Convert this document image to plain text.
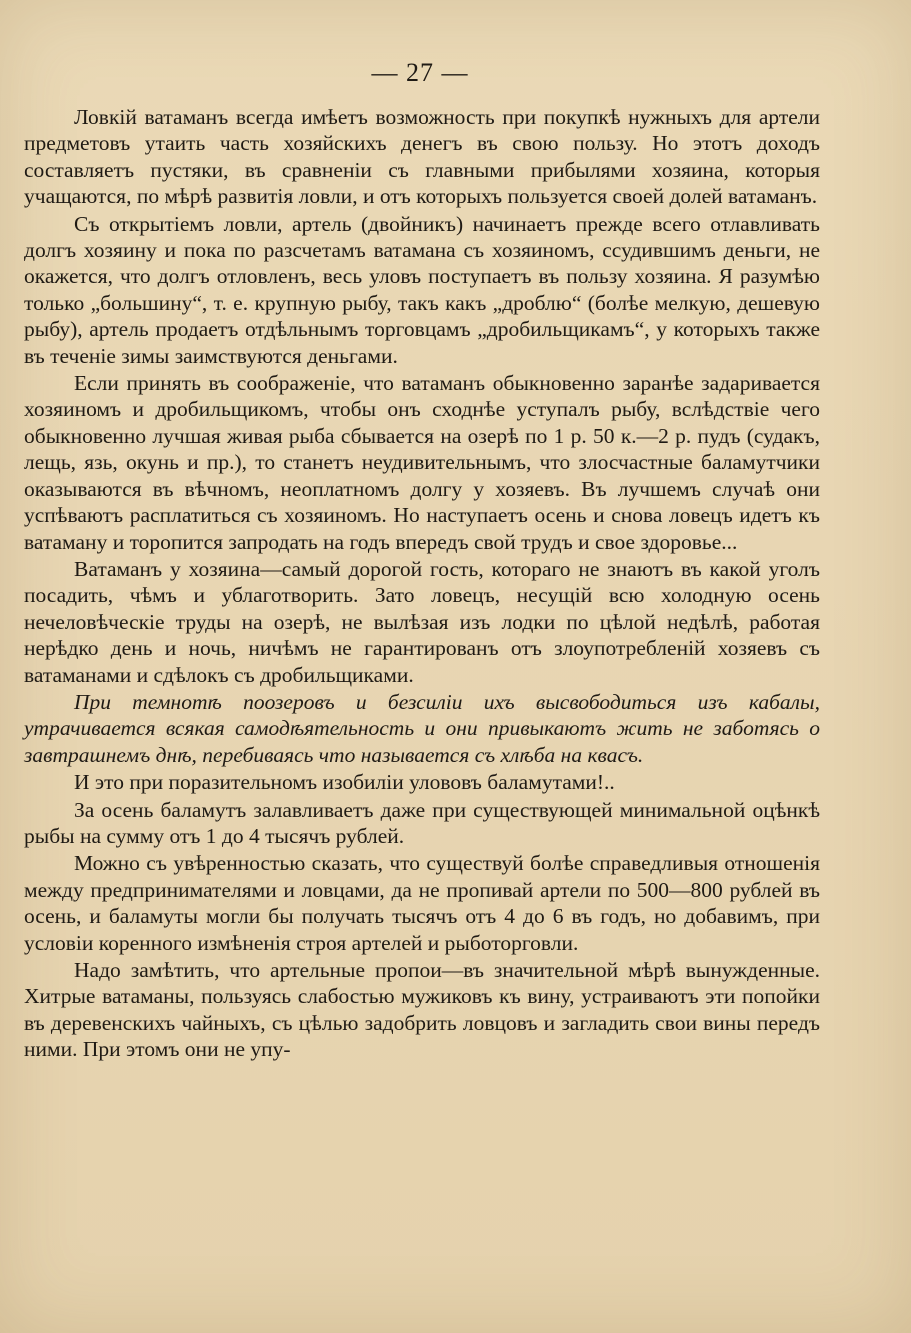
— 27 —

Ловкій ватаманъ всегда имѣетъ возможность при покупкѣ нужныхъ для артели предметовъ утаить часть хозяйскихъ денегъ въ свою пользу. Но этотъ доходъ составляетъ пустяки, въ сравненіи съ главными прибылями хозяина, которыя учащаются, по мѣрѣ развитія ловли, и отъ которыхъ пользуется своей долей ватаманъ.

Съ открытіемъ ловли, артель (двойникъ) начинаетъ прежде всего отлавливать долгъ хозяину и пока по разсчетамъ ватамана съ хозяиномъ, ссудившимъ деньги, не окажется, что долгъ отловленъ, весь уловъ поступаетъ въ пользу хозяина. Я разумѣю только „большину“, т. е. крупную рыбу, такъ какъ „дроблю“ (болѣе мелкую, дешевую рыбу), артель продаетъ отдѣльнымъ торговцамъ „дробильщикамъ“, у которыхъ также въ теченіе зимы заимствуются деньгами.

Если принять въ соображеніе, что ватаманъ обыкновенно заранѣе задаривается хозяиномъ и дробильщикомъ, чтобы онъ сходнѣе уступалъ рыбу, вслѣдствіе чего обыкновенно лучшая живая рыба сбывается на озерѣ по 1 р. 50 к.—2 р. пудъ (судакъ, лещь, язь, окунь и пр.), то станетъ неудивительнымъ, что злосчастные баламутчики оказываются въ вѣчномъ, неоплатномъ долгу у хозяевъ. Въ лучшемъ случаѣ они успѣваютъ расплатиться съ хозяиномъ. Но наступаетъ осень и снова ловецъ идетъ къ ватаману и торопится запродать на годъ впередъ свой трудъ и свое здоровье...

Ватаманъ у хозяина—самый дорогой гость, котораго не знаютъ въ какой уголъ посадить, чѣмъ и ублаготворить. Зато ловецъ, несущій всю холодную осень нечеловѣческіе труды на озерѣ, не вылѣзая изъ лодки по цѣлой недѣлѣ, работая нерѣдко день и ночь, ничѣмъ не гарантированъ отъ злоупотребленій хозяевъ съ ватаманами и сдѣлокъ съ дробильщиками.

При темнотѣ поозеровъ и безсиліи ихъ высвободиться изъ кабалы, утрачивается всякая самодѣятельность и они привыкаютъ жить не заботясь о завтрашнемъ днѣ, перебиваясь что называется съ хлѣба на квасъ.

И это при поразительномъ изобиліи улововъ баламутами!..

За осень баламутъ залавливаетъ даже при существующей минимальной оцѣнкѣ рыбы на сумму отъ 1 до 4 тысячъ рублей.

Можно съ увѣренностью сказать, что существуй болѣе справедливыя отношенія между предпринимателями и ловцами, да не пропивай артели по 500—800 рублей въ осень, и баламуты могли бы получать тысячъ отъ 4 до 6 въ годъ, но добавимъ, при условіи коренного измѣненія строя артелей и рыботорговли.

Надо замѣтить, что артельные пропои—въ значительной мѣрѣ вынужденные. Хитрые ватаманы, пользуясь слабостью мужиковъ къ вину, устраиваютъ эти попойки въ деревенскихъ чайныхъ, съ цѣлью задобрить ловцовъ и загладить свои вины передъ ними. При этомъ они не упу-
